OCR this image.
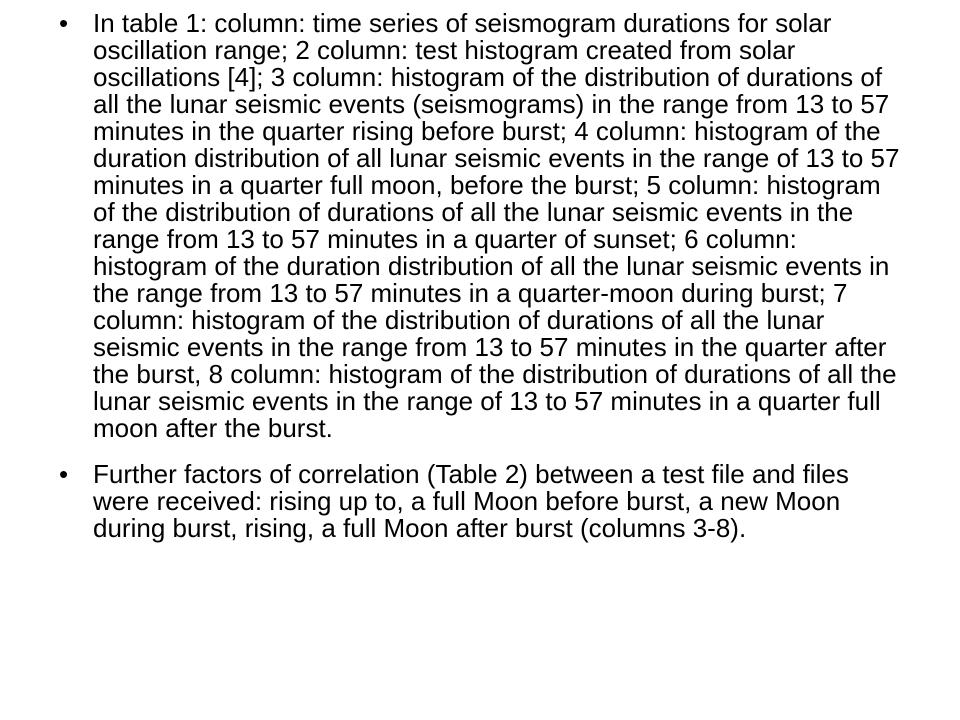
• In table 1: column: time series of seismogram durations for solar oscillation range; 2 column: test histogram created from solar oscillations [4]; 3 column: histogram of the distribution of durations of all the lunar seismic events (seismograms) in the range from 13 to 57 minutes in the quarter rising before burst; 4 column: histogram of the duration distribution of all lunar seismic events in the range of 13 to 57 minutes in a quarter full moon, before the burst; 5 column: histogram of the distribution of durations of all the lunar seismic events in the range from 13 to 57 minutes in a quarter of sunset; 6 column: histogram of the duration distribution of all the lunar seismic events in the range from 13 to 57 minutes in a quarter-moon during burst; 7 column: histogram of the distribution of durations of all the lunar seismic events in the range from 13 to 57 minutes in the quarter after the burst, 8 column: histogram of the distribution of durations of all the lunar seismic events in the range of 13 to 57 minutes in a quarter full moon after the burst.
• Further factors of correlation (Table 2) between a test file and files were received: rising up to, a full Moon before burst, a new Moon during burst, rising, a full Moon after burst (columns 3-8).
